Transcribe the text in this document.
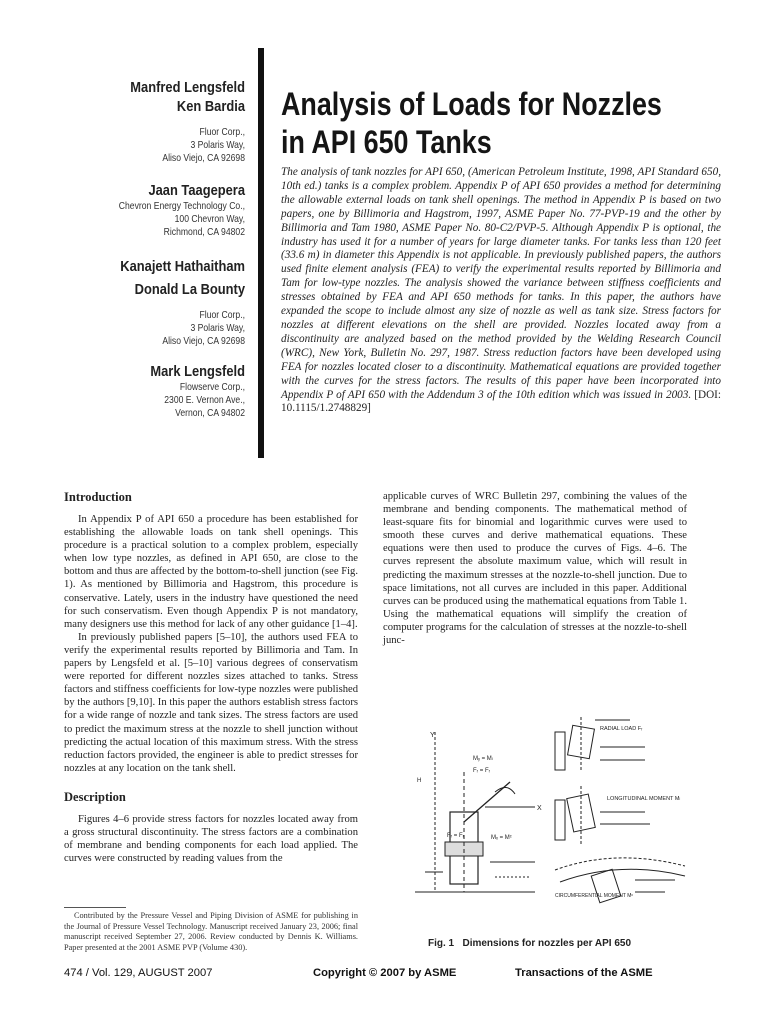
Manfred Lengsfeld
Ken Bardia
Fluor Corp.,
3 Polaris Way,
Aliso Viejo, CA 92698
Jaan Taagepera
Chevron Energy Technology Co.,
100 Chevron Way,
Richmond, CA 94802
Kanajett Hathaitham
Donald La Bounty
Fluor Corp.,
3 Polaris Way,
Aliso Viejo, CA 92698
Mark Lengsfeld
Flowserve Corp.,
2300 E. Vernon Ave.,
Vernon, CA 94802
Analysis of Loads for Nozzles
in API 650 Tanks
The analysis of tank nozzles for API 650, (American Petroleum Institute, 1998, API Standard 650, 10th ed.) tanks is a complex problem. Appendix P of API 650 provides a method for determining the allowable external loads on tank shell openings. The method in Appendix P is based on two papers, one by Billimoria and Hagstrom, 1997, ASME Paper No. 77-PVP-19 and the other by Billimoria and Tam 1980, ASME Paper No. 80-C2/PVP-5. Although Appendix P is optional, the industry has used it for a number of years for large diameter tanks. For tanks less than 120 feet (33.6 m) in diameter this Appendix is not applicable. In previously published papers, the authors used finite element analysis (FEA) to verify the experimental results reported by Billimoria and Tam for low-type nozzles. The analysis showed the variance between stiffness coefficients and stresses obtained by FEA and API 650 methods for tanks. In this paper, the authors have expanded the scope to include almost any size of nozzle as well as tank size. Stress factors for nozzles at different elevations on the shell are provided. Nozzles located away from a discontinuity are analyzed based on the method provided by the Welding Research Council (WRC), New York, Bulletin No. 297, 1987. Stress reduction factors have been developed using FEA for nozzles located closer to a discontinuity. Mathematical equations are provided together with the curves for the stress factors. The results of this paper have been incorporated into Appendix P of API 650 with the Addendum 3 of the 10th edition which was issued in 2003. [DOI: 10.1115/1.2748829]
Introduction

In Appendix P of API 650 a procedure has been established for establishing the allowable loads on tank shell openings. This procedure is a practical solution to a complex problem, especially when low type nozzles, as defined in API 650, are close to the bottom and thus are affected by the bottom-to-shell junction (see Fig. 1). As mentioned by Billimoria and Hagstrom, this procedure is conservative. Lately, users in the industry have questioned the need for such conservatism. Even though Appendix P is not mandatory, many designers use this method for lack of any other guidance [1–4].

In previously published papers [5–10], the authors used FEA to verify the experimental results reported by Billimoria and Tam. In papers by Lengsfeld et al. [5–10] various degrees of conservatism were reported for different nozzles sizes attached to tanks. Stress factors and stiffness coefficients for low-type nozzles were published by the authors [9,10]. In this paper the authors establish stress factors for a wide range of nozzle and tank sizes. The stress factors are used to predict the maximum stress at the nozzle to shell junction without predicting the actual location of this maximum stress. With the stress reduction factors provided, the engineer is able to predict stresses for nozzles at any location on the tank shell.

Description

Figures 4–6 provide stress factors for nozzles located away from a gross structural discontinuity. The stress factors are a combination of membrane and bending components for each load applied. The curves were constructed by reading values from the

Contributed by the Pressure Vessel and Piping Division of ASME for publishing in the Journal of Pressure Vessel Technology. Manuscript received January 23, 2006; final manuscript received September 27, 2006. Review conducted by Dennis K. Williams. Paper presented at the 2001 ASME PVP (Volume 430).

applicable curves of WRC Bulletin 297, combining the values of the membrane and bending components. The mathematical method of least-square fits for binomial and logarithmic curves were used to smooth these curves and derive mathematical equations. These equations were then used to produce the curves of Figs. 4–6. The curves represent the absolute maximum value, which will result in predicting the maximum stresses at the nozzle-to-shell junction. Due to space limitations, not all curves are included in this paper. Additional curves can be produced using the mathematical equations from Table 1. Using the mathematical equations will simplify the creation of computer programs for the calculation of stresses at the nozzle-to-shell junc-

Y
X
H
Mᵧ = Mₗ
Fᵣ = Fᵣ
Mₓ = Mᶜ
Fᵣ = Fᵣ
RADIAL LOAD Fᵣ
LONGITUDINAL MOMENT Mₗ
CIRCUMFERENTIAL MOMENT Mᶜ
Fig. 1 Dimensions for nozzles per API 650
474 / Vol. 129, AUGUST 2007	Copyright © 2007 by ASME	Transactions of the ASME
